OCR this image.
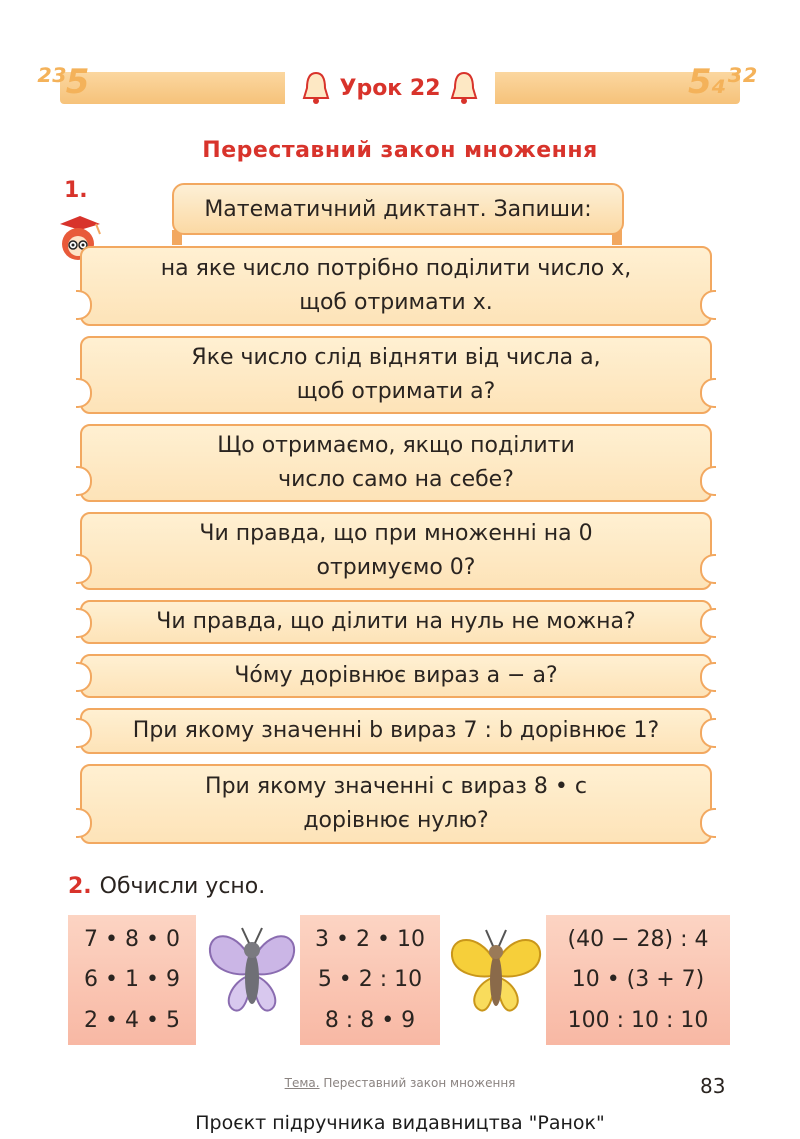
²³5	5₄³²
Урок 22
Переставний закон множення
1.
Математичний диктант. Запиши:
на яке число потрібно поділити число x,
щоб отримати x.
Яке число слід відняти від числа a,
щоб отримати a?
Що отримаємо, якщо поділити
число само на себе?
Чи правда, що при множенні на 0
отримуємо 0?
Чи правда, що ділити на нуль не можна?
Чо́му дорівнює вираз a − a?
При якому значенні b вираз 7 : b дорівнює 1?
При якому значенні c вираз 8 • c
дорівнює нулю?
2. Обчисли усно.
7 • 8 • 0
6 • 1 • 9
2 • 4 • 5
3 • 2 • 10
5 • 2 : 10
8 : 8 • 9
(40 − 28) : 4
10 • (3 + 7)
100 : 10 : 10
Тема. Переставний закон множення	83
Проєкт підручника видавництва "Ранок"
